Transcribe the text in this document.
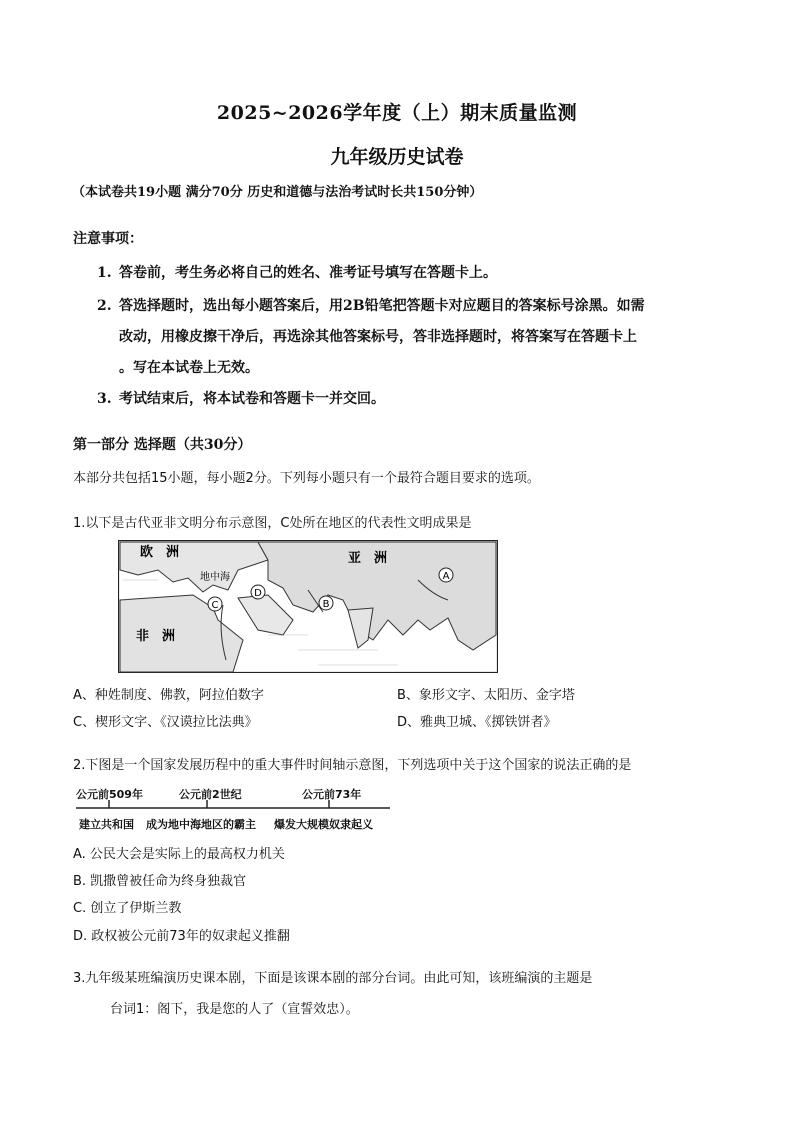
2025~2026学年度（上）期末质量监测
九年级历史试卷
（本试卷共19小题 满分70分 历史和道德与法治考试时长共150分钟）
注意事项：
1. 答卷前，考生务必将自己的姓名、准考证号填写在答题卡上。
2. 答选择题时，选出每小题答案后，用2B铅笔把答题卡对应题目的答案标号涂黑。如需
改动，用橡皮擦干净后，再选涂其他答案标号，答非选择题时，将答案写在答题卡上
。写在本试卷上无效。
3. 考试结束后，将本试卷和答题卡一并交回。
第一部分 选择题（共30分）
本部分共包括15小题，每小题2分。下列每小题只有一个最符合题目要求的选项。
1.以下是古代亚非文明分布示意图，C处所在地区的代表性文明成果是
欧　洲	亚　洲
非　洲
地中海	A
B
C
D
A、种姓制度、佛教，阿拉伯数字	B、象形文字、太阳历、金字塔
C、楔形文字、《汉谟拉比法典》	D、雅典卫城、《掷铁饼者》
2.下图是一个国家发展历程中的重大事件时间轴示意图，下列选项中关于这个国家的说法正确的是
公元前509年	公元前2世纪	公元前73年
建立共和国 成为地中海地区的霸主 爆发大规模奴隶起义
A. 公民大会是实际上的最高权力机关
B. 凯撒曾被任命为终身独裁官
C. 创立了伊斯兰教
D. 政权被公元前73年的奴隶起义推翻
3.九年级某班编演历史课本剧，下面是该课本剧的部分台词。由此可知，该班编演的主题是
台词1：阁下，我是您的人了（宣誓效忠）。
